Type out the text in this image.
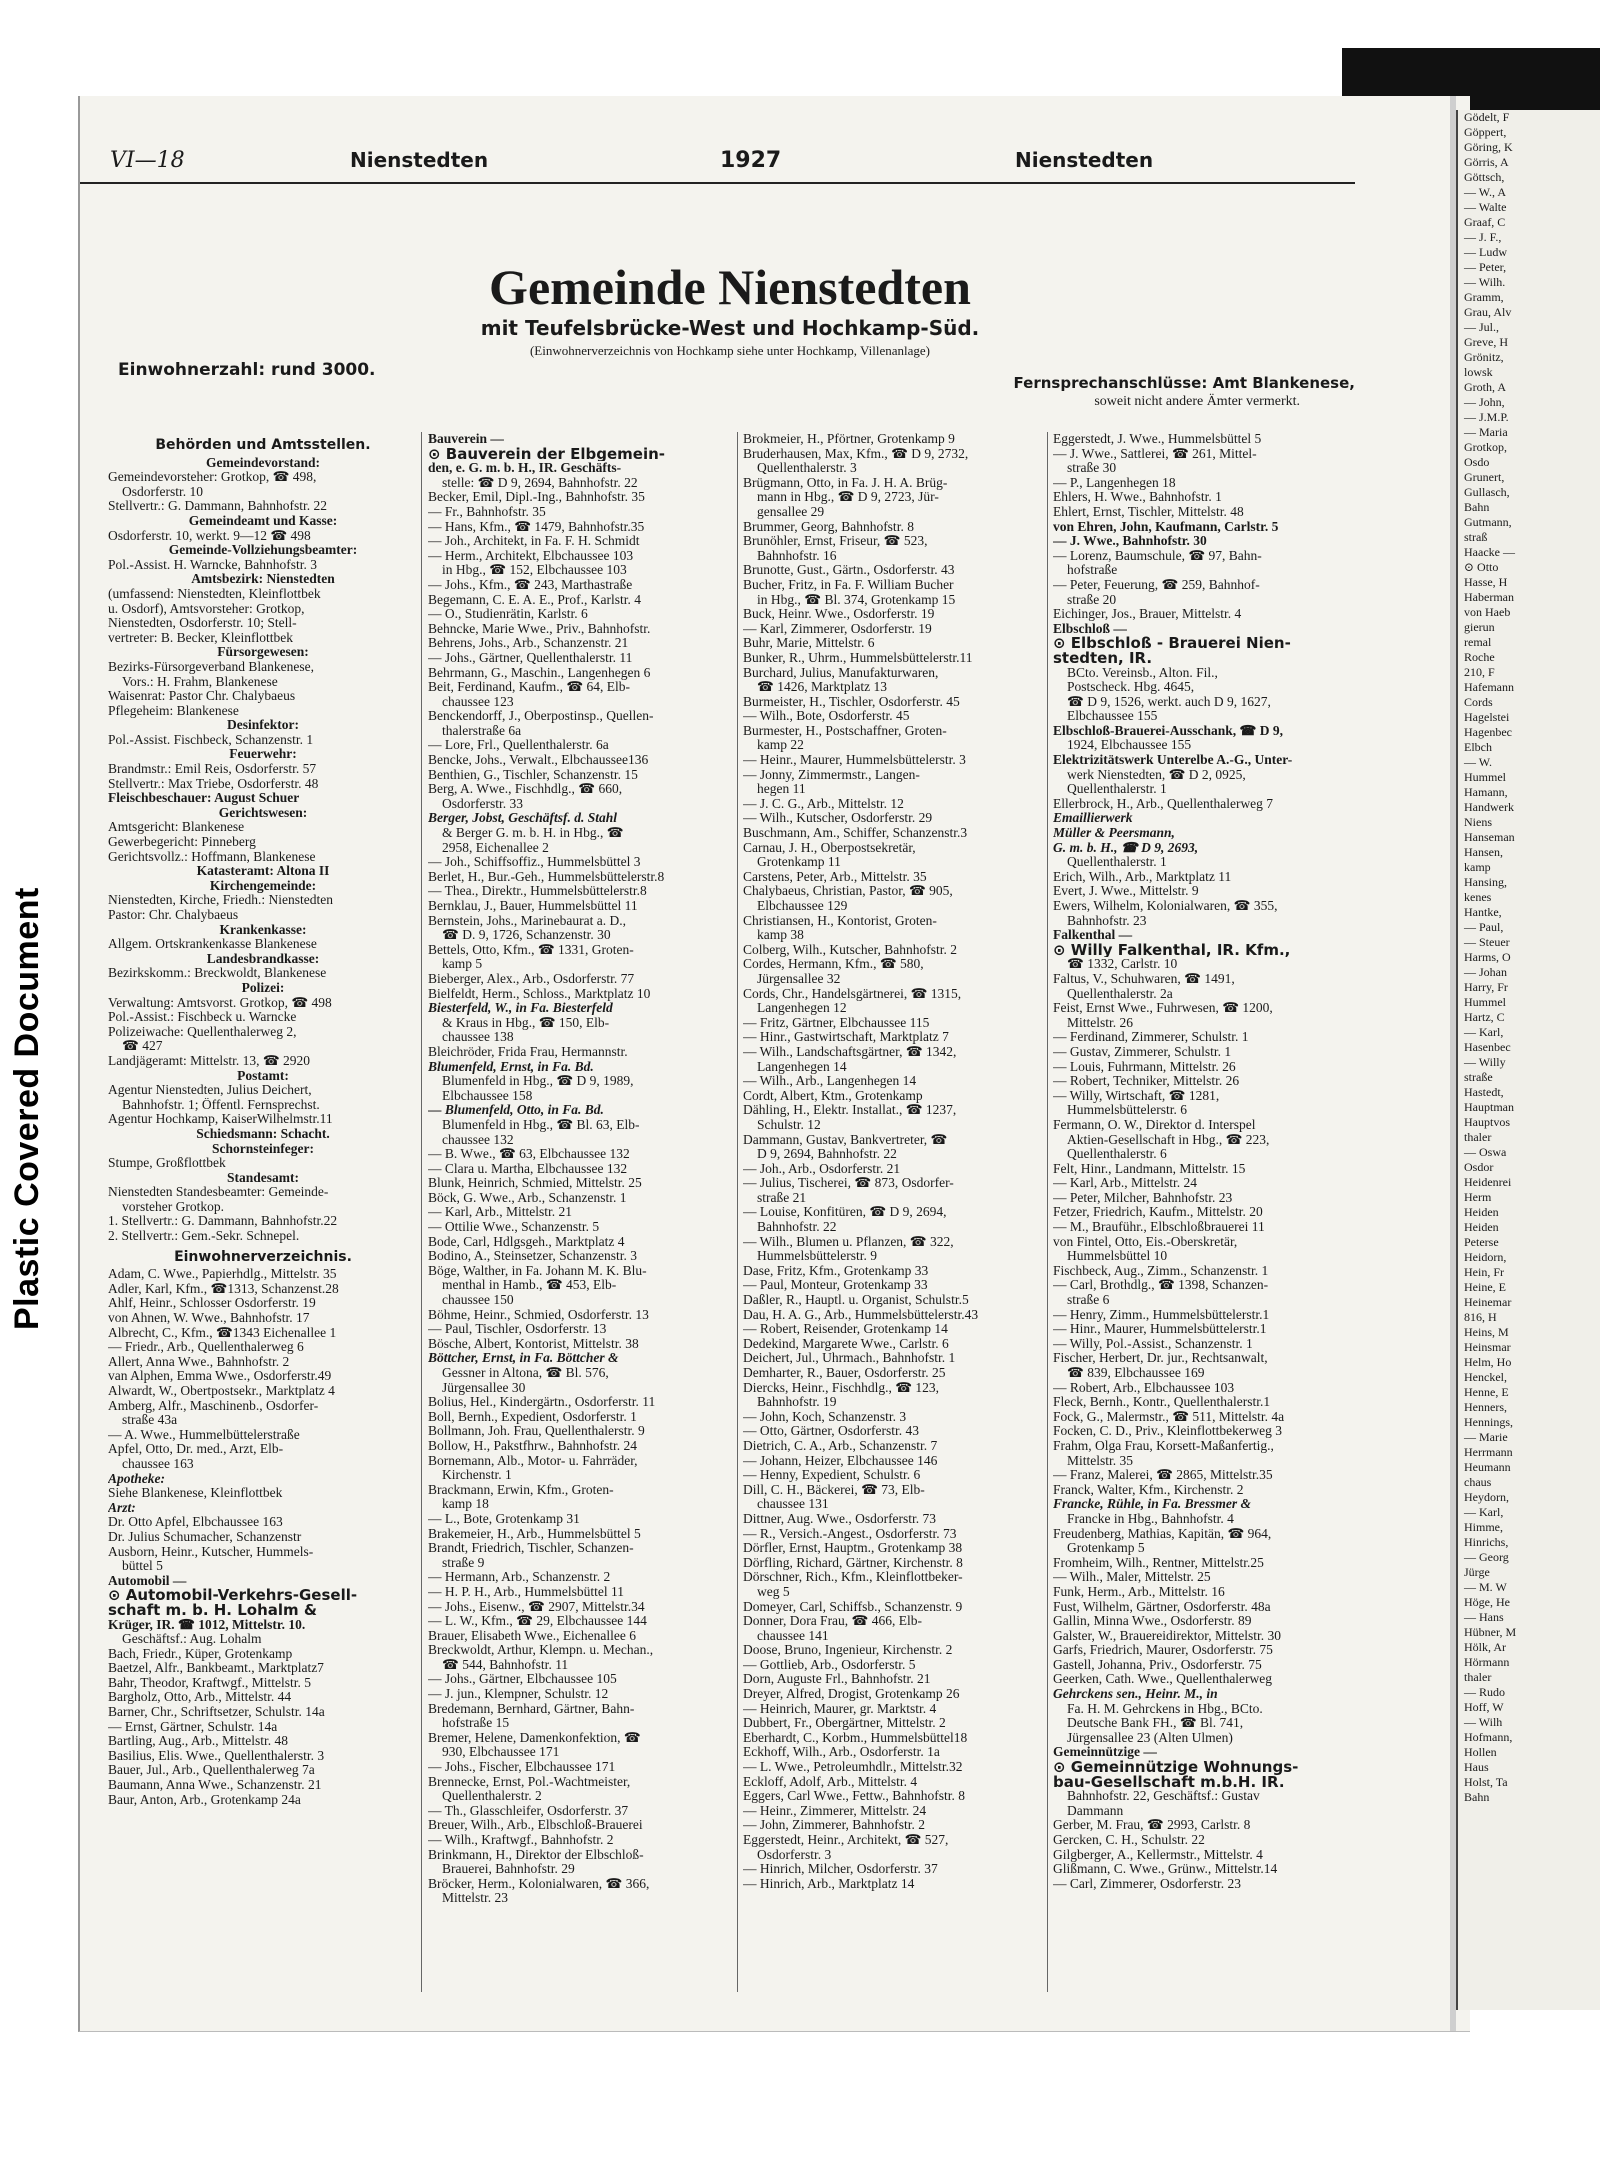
VI—18	Nienstedten	1927	Nienstedten
Gemeinde Nienstedten
mit Teufelsbrücke-West und Hochkamp-Süd.
(Einwohnerverzeichnis von Hochkamp siehe unter Hochkamp, Villenanlage)
Einwohnerzahl: rund 3000.
Fernsprechanschlüsse: Amt Blankenese,
soweit nicht andere Ämter vermerkt.
Behörden und Amtsstellen.
Gemeindevorstand:
Gemeindevorsteher: Grotkop, ☎ 498,
Osdorferstr. 10
Stellvertr.: G. Dammann, Bahnhofstr. 22
Gemeindeamt und Kasse:
Osdorferstr. 10, werkt. 9—12 ☎ 498
Gemeinde-Vollziehungsbeamter:
Pol.-Assist. H. Warncke, Bahnhofstr. 3
Amtsbezirk: Nienstedten
(umfassend: Nienstedten, Kleinflottbek
u. Osdorf), Amtsvorsteher: Grotkop,
Nienstedten, Osdorferstr. 10; Stell-
vertreter: B. Becker, Kleinflottbek
Fürsorgewesen:
Bezirks-Fürsorgeverband Blankenese,
Vors.: H. Frahm, Blankenese
Waisenrat: Pastor Chr. Chalybaeus
Pflegeheim: Blankenese
Desinfektor:
Pol.-Assist. Fischbeck, Schanzenstr. 1
Feuerwehr:
Brandmstr.: Emil Reis, Osdorferstr. 57
Stellvertr.: Max Triebe, Osdorferstr. 48
Fleischbeschauer: August Schuer
Gerichtswesen:
Amtsgericht: Blankenese
Gewerbegericht: Pinneberg
Gerichtsvollz.: Hoffmann, Blankenese
Katasteramt: Altona II
Kirchengemeinde:
Nienstedten, Kirche, Friedh.: Nienstedten
Pastor: Chr. Chalybaeus
Krankenkasse:
Allgem. Ortskrankenkasse Blankenese
Landesbrandkasse:
Bezirkskomm.: Breckwoldt, Blankenese
Polizei:
Verwaltung: Amtsvorst. Grotkop, ☎ 498
Pol.-Assist.: Fischbeck u. Warncke
Polizeiwache: Quellenthalerweg 2,
☎ 427
Landjägeramt: Mittelstr. 13, ☎ 2920
Postamt:
Agentur Nienstedten, Julius Deichert,
Bahnhofstr. 1; Öffentl. Fernsprechst.
Agentur Hochkamp, KaiserWilhelmstr.11
Schiedsmann: Schacht.
Schornsteinfeger:
Stumpe, Großflottbek
Standesamt:
Nienstedten Standesbeamter: Gemeinde-
vorsteher Grotkop.
1. Stellvertr.: G. Dammann, Bahnhofstr.22
2. Stellvertr.: Gem.-Sekr. Schnepel.
Einwohnerverzeichnis.
Adam, C. Wwe., Papierhdlg., Mittelstr. 35
Adler, Karl, Kfm., ☎1313, Schanzenst.28
Ahlf, Heinr., Schlosser Osdorferstr. 19
von Ahnen, W. Wwe., Bahnhofstr. 17
Albrecht, C., Kfm., ☎1343 Eichenallee 1
— Friedr., Arb., Quellenthalerweg 6
Allert, Anna Wwe., Bahnhofstr. 2
van Alphen, Emma Wwe., Osdorferstr.49
Alwardt, W., Obertpostsekr., Marktplatz 4
Amberg, Alfr., Maschinenb., Osdorfer-
straße 43a
— A. Wwe., Hummelbüttelerstraße
Apfel, Otto, Dr. med., Arzt, Elb-
chaussee 163
Apotheke:
Siehe Blankenese, Kleinflottbek
Arzt:
Dr. Otto Apfel, Elbchaussee 163
Dr. Julius Schumacher, Schanzenstr
Ausborn, Heinr., Kutscher, Hummels-
büttel 5
Automobil —
⊙ Automobil-Verkehrs-Gesell-
schaft m. b. H. Lohalm &
Krüger, IR. ☎ 1012, Mittelstr. 10.
Geschäftsf.: Aug. Lohalm
Bach, Friedr., Küper, Grotenkamp
Baetzel, Alfr., Bankbeamt., Marktplatz7
Bahr, Theodor, Kraftwgf., Mittelstr. 5
Bargholz, Otto, Arb., Mittelstr. 44
Barner, Chr., Schriftsetzer, Schulstr. 14a
— Ernst, Gärtner, Schulstr. 14a
Bartling, Aug., Arb., Mittelstr. 48
Basilius, Elis. Wwe., Quellenthalerstr. 3
Bauer, Jul., Arb., Quellenthalerweg 7a
Baumann, Anna Wwe., Schanzenstr. 21
Baur, Anton, Arb., Grotenkamp 24a
Bauverein —
⊙ Bauverein der Elbgemein-
den, e. G. m. b. H., IR. Geschäfts-
stelle: ☎ D 9, 2694, Bahnhofstr. 22
Becker, Emil, Dipl.-Ing., Bahnhofstr. 35
— Fr., Bahnhofstr. 35
— Hans, Kfm., ☎ 1479, Bahnhofstr.35
— Joh., Architekt, in Fa. F. H. Schmidt
— Herm., Architekt, Elbchaussee 103
in Hbg., ☎ 152, Elbchaussee 103
— Johs., Kfm., ☎ 243, Marthastraße
Begemann, C. E. A. E., Prof., Karlstr. 4
— O., Studienrätin, Karlstr. 6
Behncke, Marie Wwe., Priv., Bahnhofstr.
Behrens, Johs., Arb., Schanzenstr. 21
— Johs., Gärtner, Quellenthalerstr. 11
Behrmann, G., Maschin., Langenhegen 6
Beit, Ferdinand, Kaufm., ☎ 64, Elb-
chaussee 123
Benckendorff, J., Oberpostinsp., Quellen-
thalerstraße 6a
— Lore, Frl., Quellenthalerstr. 6a
Bencke, Johs., Verwalt., Elbchaussee136
Benthien, G., Tischler, Schanzenstr. 15
Berg, A. Wwe., Fischhdlg., ☎ 660,
Osdorferstr. 33
Berger, Jobst, Geschäftsf. d. Stahl
& Berger G. m. b. H. in Hbg., ☎
2958, Eichenallee 2
— Joh., Schiffsoffiz., Hummelsbüttel 3
Berlet, H., Bur.-Geh., Hummelsbüttelerstr.8
— Thea., Direktr., Hummelsbüttelerstr.8
Bernklau, J., Bauer, Hummelsbüttel 11
Bernstein, Johs., Marinebaurat a. D.,
☎ D. 9, 1726, Schanzenstr. 30
Bettels, Otto, Kfm., ☎ 1331, Groten-
kamp 5
Bieberger, Alex., Arb., Osdorferstr. 77
Bielfeldt, Herm., Schloss., Marktplatz 10
Biesterfeld, W., in Fa. Biesterfeld
& Kraus in Hbg., ☎ 150, Elb-
chaussee 138
Bleichröder, Frida Frau, Hermannstr.
Blumenfeld, Ernst, in Fa. Bd.
Blumenfeld in Hbg., ☎ D 9, 1989,
Elbchaussee 158
— Blumenfeld, Otto, in Fa. Bd.
Blumenfeld in Hbg., ☎ Bl. 63, Elb-
chaussee 132
— B. Wwe., ☎ 63, Elbchaussee 132
— Clara u. Martha, Elbchaussee 132
Blunk, Heinrich, Schmied, Mittelstr. 25
Böck, G. Wwe., Arb., Schanzenstr. 1
— Karl, Arb., Mittelstr. 21
— Ottilie Wwe., Schanzenstr. 5
Bode, Carl, Hdlgsgeh., Marktplatz 4
Bodino, A., Steinsetzer, Schanzenstr. 3
Böge, Walther, in Fa. Johann M. K. Blu-
menthal in Hamb., ☎ 453, Elb-
chaussee 150
Böhme, Heinr., Schmied, Osdorferstr. 13
— Paul, Tischler, Osdorferstr. 13
Bösche, Albert, Kontorist, Mittelstr. 38
Böttcher, Ernst, in Fa. Böttcher &
Gessner in Altona, ☎ Bl. 576,
Jürgensallee 30
Bolius, Hel., Kindergärtn., Osdorferstr. 11
Boll, Bernh., Expedient, Osdorferstr. 1
Bollmann, Joh. Frau, Quellenthalerstr. 9
Bollow, H., Pakstfhrw., Bahnhofstr. 24
Bornemann, Alb., Motor- u. Fahrräder,
Kirchenstr. 1
Brackmann, Erwin, Kfm., Groten-
kamp 18
— L., Bote, Grotenkamp 31
Brakemeier, H., Arb., Hummelsbüttel 5
Brandt, Friedrich, Tischler, Schanzen-
straße 9
— Hermann, Arb., Schanzenstr. 2
— H. P. H., Arb., Hummelsbüttel 11
— Johs., Eisenw., ☎ 2907, Mittelstr.34
— L. W., Kfm., ☎ 29, Elbchaussee 144
Brauer, Elisabeth Wwe., Eichenallee 6
Breckwoldt, Arthur, Klempn. u. Mechan.,
☎ 544, Bahnhofstr. 11
— Johs., Gärtner, Elbchaussee 105
— J. jun., Klempner, Schulstr. 12
Bredemann, Bernhard, Gärtner, Bahn-
hofstraße 15
Bremer, Helene, Damenkonfektion, ☎
930, Elbchaussee 171
— Johs., Fischer, Elbchaussee 171
Brennecke, Ernst, Pol.-Wachtmeister,
Quellenthalerstr. 2
— Th., Glasschleifer, Osdorferstr. 37
Breuer, Wilh., Arb., Elbschloß-Brauerei
— Wilh., Kraftwgf., Bahnhofstr. 2
Brinkmann, H., Direktor der Elbschloß-
Brauerei, Bahnhofstr. 29
Bröcker, Herm., Kolonialwaren, ☎ 366,
Mittelstr. 23
Brokmeier, H., Pförtner, Grotenkamp 9
Bruderhausen, Max, Kfm., ☎ D 9, 2732,
Quellenthalerstr. 3
Brügmann, Otto, in Fa. J. H. A. Brüg-
mann in Hbg., ☎ D 9, 2723, Jür-
gensallee 29
Brummer, Georg, Bahnhofstr. 8
Brunöhler, Ernst, Friseur, ☎ 523,
Bahnhofstr. 16
Brunotte, Gust., Gärtn., Osdorferstr. 43
Bucher, Fritz, in Fa. F. William Bucher
in Hbg., ☎ Bl. 374, Grotenkamp 15
Buck, Heinr. Wwe., Osdorferstr. 19
— Karl, Zimmerer, Osdorferstr. 19
Buhr, Marie, Mittelstr. 6
Bunker, R., Uhrm., Hummelsbüttelerstr.11
Burchard, Julius, Manufakturwaren,
☎ 1426, Marktplatz 13
Burmeister, H., Tischler, Osdorferstr. 45
— Wilh., Bote, Osdorferstr. 45
Burmester, H., Postschaffner, Groten-
kamp 22
— Heinr., Maurer, Hummelsbüttelerstr. 3
— Jonny, Zimmermstr., Langen-
hegen 11
— J. C. G., Arb., Mittelstr. 12
— Wilh., Kutscher, Osdorferstr. 29
Buschmann, Am., Schiffer, Schanzenstr.3
Carnau, J. H., Oberpostsekretär,
Grotenkamp 11
Carstens, Peter, Arb., Mittelstr. 35
Chalybaeus, Christian, Pastor, ☎ 905,
Elbchaussee 129
Christiansen, H., Kontorist, Groten-
kamp 38
Colberg, Wilh., Kutscher, Bahnhofstr. 2
Cordes, Hermann, Kfm., ☎ 580,
Jürgensallee 32
Cords, Chr., Handelsgärtnerei, ☎ 1315,
Langenhegen 12
— Fritz, Gärtner, Elbchaussee 115
— Hinr., Gastwirtschaft, Marktplatz 7
— Wilh., Landschaftsgärtner, ☎ 1342,
Langenhegen 14
— Wilh., Arb., Langenhegen 14
Cordt, Albert, Ktm., Grotenkamp
Dähling, H., Elektr. Installat., ☎ 1237,
Schulstr. 12
Dammann, Gustav, Bankvertreter, ☎
D 9, 2694, Bahnhofstr. 22
— Joh., Arb., Osdorferstr. 21
— Julius, Tischerei, ☎ 873, Osdorfer-
straße 21
— Louise, Konfitüren, ☎ D 9, 2694,
Bahnhofstr. 22
— Wilh., Blumen u. Pflanzen, ☎ 322,
Hummelsbüttelerstr. 9
Dase, Fritz, Kfm., Grotenkamp 33
— Paul, Monteur, Grotenkamp 33
Daßler, R., Hauptl. u. Organist, Schulstr.5
Dau, H. A. G., Arb., Hummelsbüttelerstr.43
— Robert, Reisender, Grotenkamp 14
Dedekind, Margarete Wwe., Carlstr. 6
Deichert, Jul., Uhrmach., Bahnhofstr. 1
Demharter, R., Bauer, Osdorferstr. 25
Diercks, Heinr., Fischhdlg., ☎ 123,
Bahnhofstr. 19
— John, Koch, Schanzenstr. 3
— Otto, Gärtner, Osdorferstr. 43
Dietrich, C. A., Arb., Schanzenstr. 7
— Johann, Heizer, Elbchaussee 146
— Henny, Expedient, Schulstr. 6
Dill, C. H., Bäckerei, ☎ 73, Elb-
chaussee 131
Dittner, Aug. Wwe., Osdorferstr. 73
— R., Versich.-Angest., Osdorferstr. 73
Dörfler, Ernst, Hauptm., Grotenkamp 38
Dörfling, Richard, Gärtner, Kirchenstr. 8
Dörschner, Rich., Kfm., Kleinflottbeker-
weg 5
Domeyer, Carl, Schiffsb., Schanzenstr. 9
Donner, Dora Frau, ☎ 466, Elb-
chaussee 141
Doose, Bruno, Ingenieur, Kirchenstr. 2
— Gottlieb, Arb., Osdorferstr. 5
Dorn, Auguste Frl., Bahnhofstr. 21
Dreyer, Alfred, Drogist, Grotenkamp 26
— Heinrich, Maurer, gr. Marktstr. 4
Dubbert, Fr., Obergärtner, Mittelstr. 2
Eberhardt, C., Korbm., Hummelsbüttel18
Eckhoff, Wilh., Arb., Osdorferstr. 1a
— L. Wwe., Petroleumhdlr., Mittelstr.32
Eckloff, Adolf, Arb., Mittelstr. 4
Eggers, Carl Wwe., Fettw., Bahnhofstr. 8
— Heinr., Zimmerer, Mittelstr. 24
— John, Zimmerer, Bahnhofstr. 2
Eggerstedt, Heinr., Architekt, ☎ 527,
Osdorferstr. 3
— Hinrich, Milcher, Osdorferstr. 37
— Hinrich, Arb., Marktplatz 14
Eggerstedt, J. Wwe., Hummelsbüttel 5
— J. Wwe., Sattlerei, ☎ 261, Mittel-
straße 30
— P., Langenhegen 18
Ehlers, H. Wwe., Bahnhofstr. 1
Ehlert, Ernst, Tischler, Mittelstr. 48
von Ehren, John, Kaufmann, Carlstr. 5
— J. Wwe., Bahnhofstr. 30
— Lorenz, Baumschule, ☎ 97, Bahn-
hofstraße
— Peter, Feuerung, ☎ 259, Bahnhof-
straße 20
Eichinger, Jos., Brauer, Mittelstr. 4
Elbschloß —
⊙ Elbschloß - Brauerei Nien-
stedten, IR.
BCto. Vereinsb., Alton. Fil.,
Postscheck. Hbg. 4645,
☎ D 9, 1526, werkt. auch D 9, 1627,
Elbchaussee 155
Elbschloß-Brauerei-Ausschank, ☎ D 9,
1924, Elbchaussee 155
Elektrizitätswerk Unterelbe A.-G., Unter-
werk Nienstedten, ☎ D 2, 0925,
Quellenthalerstr. 1
Ellerbrock, H., Arb., Quellenthalerweg 7
Emaillierwerk
Müller & Peersmann,
G. m. b. H., ☎ D 9, 2693,
Quellenthalerstr. 1
Erich, Wilh., Arb., Marktplatz 11
Evert, J. Wwe., Mittelstr. 9
Ewers, Wilhelm, Kolonialwaren, ☎ 355,
Bahnhofstr. 23
Falkenthal —
⊙ Willy Falkenthal, IR. Kfm.,
☎ 1332, Carlstr. 10
Faltus, V., Schuhwaren, ☎ 1491,
Quellenthalerstr. 2a
Feist, Ernst Wwe., Fuhrwesen, ☎ 1200,
Mittelstr. 26
— Ferdinand, Zimmerer, Schulstr. 1
— Gustav, Zimmerer, Schulstr. 1
— Louis, Fuhrmann, Mittelstr. 26
— Robert, Techniker, Mittelstr. 26
— Willy, Wirtschaft, ☎ 1281,
Hummelsbüttelerstr. 6
Fermann, O. W., Direktor d. Interspel
Aktien-Gesellschaft in Hbg., ☎ 223,
Quellenthalerstr. 6
Felt, Hinr., Landmann, Mittelstr. 15
— Karl, Arb., Mittelstr. 24
— Peter, Milcher, Bahnhofstr. 23
Fetzer, Friedrich, Kaufm., Mittelstr. 20
— M., Brauführ., Elbschloßbrauerei 11
von Fintel, Otto, Eis.-Oberskretär,
Hummelsbüttel 10
Fischbeck, Aug., Zimm., Schanzenstr. 1
— Carl, Brothdlg., ☎ 1398, Schanzen-
straße 6
— Henry, Zimm., Hummelsbüttelerstr.1
— Hinr., Maurer, Hummelsbüttelerstr.1
— Willy, Pol.-Assist., Schanzenstr. 1
Fischer, Herbert, Dr. jur., Rechtsanwalt,
☎ 839, Elbchaussee 169
— Robert, Arb., Elbchaussee 103
Fleck, Bernh., Kontr., Quellenthalerstr.1
Fock, G., Malermstr., ☎ 511, Mittelstr. 4a
Focken, C. D., Priv., Kleinflottbekerweg 3
Frahm, Olga Frau, Korsett-Maßanfertig.,
Mittelstr. 35
— Franz, Malerei, ☎ 2865, Mittelstr.35
Franck, Walter, Kfm., Kirchenstr. 2
Francke, Rühle, in Fa. Bressmer &
Francke in Hbg., Bahnhofstr. 4
Freudenberg, Mathias, Kapitän, ☎ 964,
Grotenkamp 5
Fromheim, Wilh., Rentner, Mittelstr.25
— Wilh., Maler, Mittelstr. 25
Funk, Herm., Arb., Mittelstr. 16
Fust, Wilhelm, Gärtner, Osdorferstr. 48a
Gallin, Minna Wwe., Osdorferstr. 89
Galster, W., Brauereidirektor, Mittelstr. 30
Garfs, Friedrich, Maurer, Osdorferstr. 75
Gastell, Johanna, Priv., Osdorferstr. 75
Geerken, Cath. Wwe., Quellenthalerweg
Gehrckens sen., Heinr. M., in
Fa. H. M. Gehrckens in Hbg., BCto.
Deutsche Bank FH., ☎ Bl. 741,
Jürgensallee 23 (Alten Ulmen)
Gemeinnützige —
⊙ Gemeinnützige Wohnungs-
bau-Gesellschaft m.b.H. IR.
Bahnhofstr. 22, Geschäftsf.: Gustav
Dammann
Gerber, M. Frau, ☎ 2993, Carlstr. 8
Gercken, C. H., Schulstr. 22
Gilgberger, A., Kellermstr., Mittelstr. 4
Glißmann, C. Wwe., Grünw., Mittelstr.14
— Carl, Zimmerer, Osdorferstr. 23
Gödelt, F
Göppert,
Göring, K
Görris, A
Göttsch,
— W., A
— Walte
Graaf, C
— J. F.,
— Ludw
— Peter,
— Wilh.
Gramm,
Grau, Alv
— Jul.,
Greve, H
Grönitz,
lowsk
Groth, A
— John,
— J.M.P.
— Maria
Grotkop,
Osdo
Grunert,
Gullasch,
Bahn
Gutmann,
straß
Haacke —
⊙ Otto
Hasse, H
Haberman
von Haeb
gierun
remal
Roche
210, F
Hafemann
Cords
Hagelstei
Hagenbec
Elbch
— W.
Hummel
Hamann,
Handwerk
Niens
Hanseman
Hansen,
kamp
Hansing,
kenes
Hantke,
— Paul,
— Steuer
Harms, O
— Johan
Harry, Fr
Hummel
Hartz, C
— Karl,
Hasenbec
— Willy
straße
Hastedt,
Hauptman
Hauptvos
thaler
— Oswa
Osdor
Heidenrei
Herm
Heiden
Heiden
Peterse
Heidorn,
Hein, Fr
Heine, E
Heinemar
816, H
Heins, M
Heinsmar
Helm, Ho
Henckel,
Henne, E
Henners,
Hennings,
— Marie
Herrmann
Heumann
chaus
Heydorn,
— Karl,
Himme,
Hinrichs,
— Georg
Jürge
— M. W
Höge, He
— Hans
Hübner, M
Hölk, Ar
Hörmann
thaler
— Rudo
Hoff, W
— Wilh
Hofmann,
Hollen
Haus
Holst, Ta
Bahn
Plastic Covered Document
